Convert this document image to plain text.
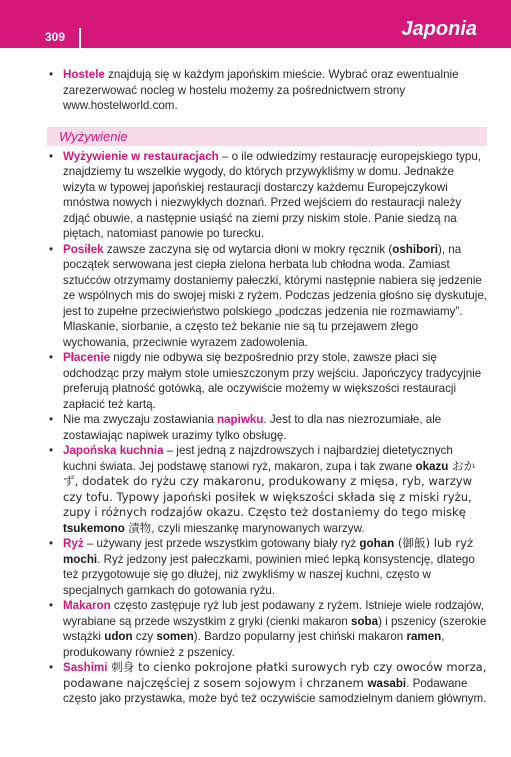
309	Japonia
• Hostele znajdują się w każdym japońskim mieście. Wybrać oraz ewentualnie zarezerwować nocleg w hostelu możemy za pośrednictwem strony www.hostelworld.com.
Wyżywienie
• Wyżywienie w restauracjach – o ile odwiedzimy restaurację europejskiego typu, znajdziemy tu wszelkie wygody, do których przywykliśmy w domu. Jednakże wizyta w typowej japońskiej restauracji dostarczy każdemu Europejczykowi mnóstwa nowych i niezwykłych doznań. Przed wejściem do restauracji należy zdjąć obuwie, a następnie usiąść na ziemi przy niskim stole. Panie siedzą na piętach, natomiast panowie po turecku.
• Posiłek zawsze zaczyna się od wytarcia dłoni w mokry ręcznik (oshibori), na początek serwowana jest ciepła zielona herbata lub chłodna woda. Zamiast sztućców otrzymamy dostaniemy pałeczki, którymi następnie nabiera się jedzenie ze wspólnych mis do swojej miski z ryżem. Podczas jedzenia głośno się dyskutuje, jest to zupełne przeciwieństwo polskiego „podczas jedzenia nie rozmawiamy”. Mlaskanie, siorbanie, a często też bekanie nie są tu przejawem złego wychowania, przeciwnie wyrazem zadowolenia.
• Płacenie nigdy nie odbywa się bezpośrednio przy stole, zawsze płaci się odchodząc przy małym stole umieszczonym przy wejściu. Japończycy tradycyjnie preferują płatność gotówką, ale oczywiście możemy w większości restauracji zapłacić też kartą.
• Nie ma zwyczaju zostawiania napiwku. Jest to dla nas niezrozumiałe, ale zostawiając napiwek urazimy tylko obsługę.
• Japońska kuchnia – jest jedną z najzdrowszych i najbardziej dietetycznych kuchni świata. Jej podstawę stanowi ryż, makaron, zupa i tak zwane okazu おかず, dodatek do ryżu czy makaronu, produkowany z mięsa, ryb, warzyw czy tofu. Typowy japoński posiłek w większości składa się z miski ryżu, zupy i różnych rodzajów okazu. Często też dostaniemy do tego miskę tsukemono 漬物, czyli mieszankę marynowanych warzyw.
• Ryż – używany jest przede wszystkim gotowany biały ryż gohan (御飯) lub ryż mochi. Ryż jedzony jest pałeczkami, powinien mieć lepką konsystencję, dlatego też przygotowuje się go dłużej, niż zwykliśmy w naszej kuchni, często w specjalnych garnkach do gotowania ryżu.
• Makaron często zastępuje ryż lub jest podawany z ryżem. Istnieje wiele rodzajów, wyrabiane są przede wszystkim z gryki (cienki makaron soba) i pszenicy (szerokie wstążki udon czy somen). Bardzo popularny jest chiński makaron ramen, produkowany również z pszenicy.
• Sashimi 刺身 to cienko pokrojone płatki surowych ryb czy owoców morza, podawane najczęściej z sosem sojowym i chrzanem wasabi. Podawane często jako przystawka, może być też oczywiście samodzielnym daniem głównym.
